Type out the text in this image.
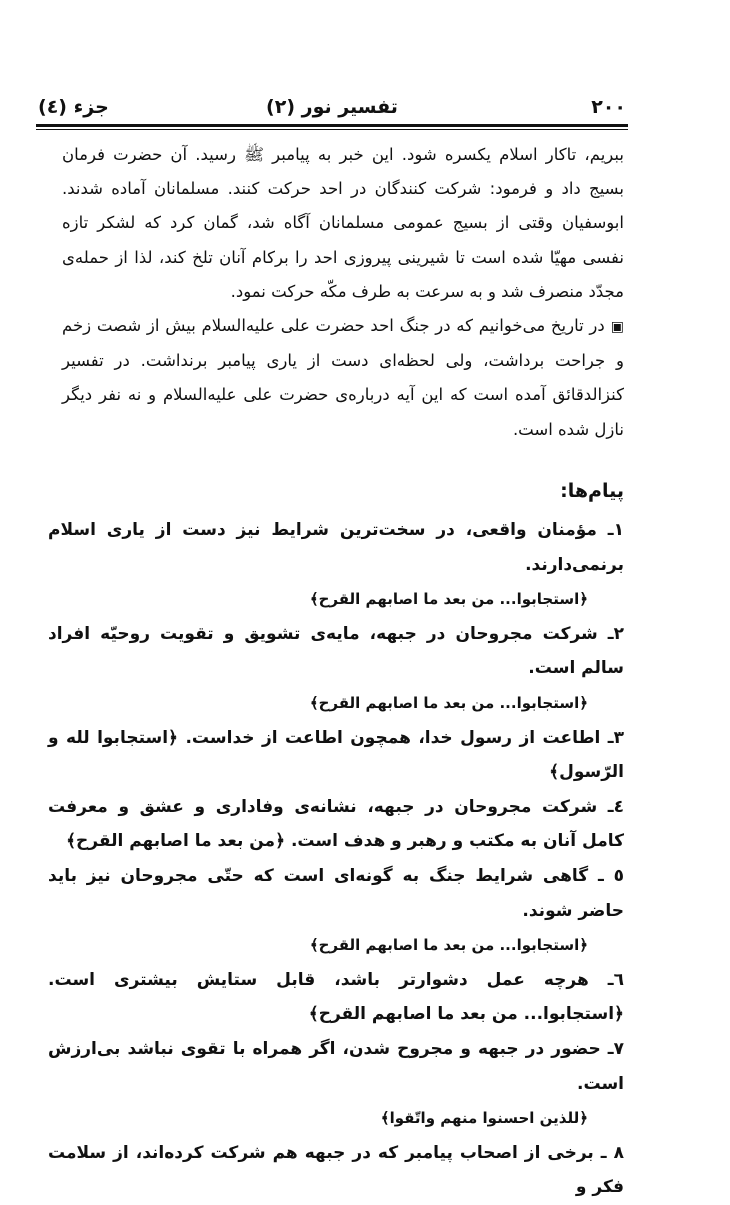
۲۰۰
تفسیر نور (۲)
جزء (٤)

ببریم، تاکار اسلام یکسره شود. این خبر به پیامبر ﷺ رسید. آن حضرت فرمان بسیج داد و فرمود: شرکت کنندگان در احد حرکت کنند. مسلمانان آماده شدند. ابوسفیان وقتی از بسیج عمومی مسلمانان آگاه شد، گمان کرد که لشکر تازه نفسی مهیّا شده است تا شیرینی پیروزی احد را برکام آنان تلخ کند، لذا از حمله‌ی مجدّد منصرف شد و به سرعت به طرف مکّه حرکت نمود.

▣در تاریخ می‌خوانیم که در جنگ احد حضرت علی علیه‌السلام بیش از شصت زخم و جراحت برداشت، ولی لحظه‌ای دست از یاری پیامبر برنداشت. در تفسیر کنزالدقائق آمده است که این آیه درباره‌ی حضرت علی علیه‌السلام و نه نفر دیگر نازل شده است.

پیام‌ها:
۱ـ مؤمنان واقعی، در سخت‌ترین شرایط نیز دست از یاری اسلام برنمی‌دارند.
﴿استجابوا... من بعد ما اصابهم القرح﴾
۲ـ شرکت مجروحان در جبهه، مایه‌ی تشویق و تقویت روحیّه افراد سالم است.
﴿استجابوا... من بعد ما اصابهم القرح﴾
۳ـ اطاعت از رسول خدا، همچون اطاعت از خداست. ﴿استجابوا لله و الرّسول﴾
٤ـ شرکت مجروحان در جبهه، نشانه‌ی وفاداری و عشق و معرفت کامل آنان به مکتب و رهبر و هدف است. ﴿من بعد ما اصابهم القرح﴾
٥ ـ گاهی شرایط جنگ به گونه‌ای است که حتّی مجروحان نیز باید حاضر شوند.
﴿استجابوا... من بعد ما اصابهم القرح﴾
٦ـ هرچه عمل دشوارتر باشد، قابل ستایش بیشتری است. ﴿استجابوا... من بعد ما اصابهم القرح﴾
۷ـ حضور در جبهه و مجروح شدن، اگر همراه با تقوی نباشد بی‌ارزش است.
﴿للذین احسنوا منهم واتّقوا﴾
۸ ـ برخی از اصحاب پیامبر که در جبهه هم شرکت کرده‌اند، از سلامت فکر و
